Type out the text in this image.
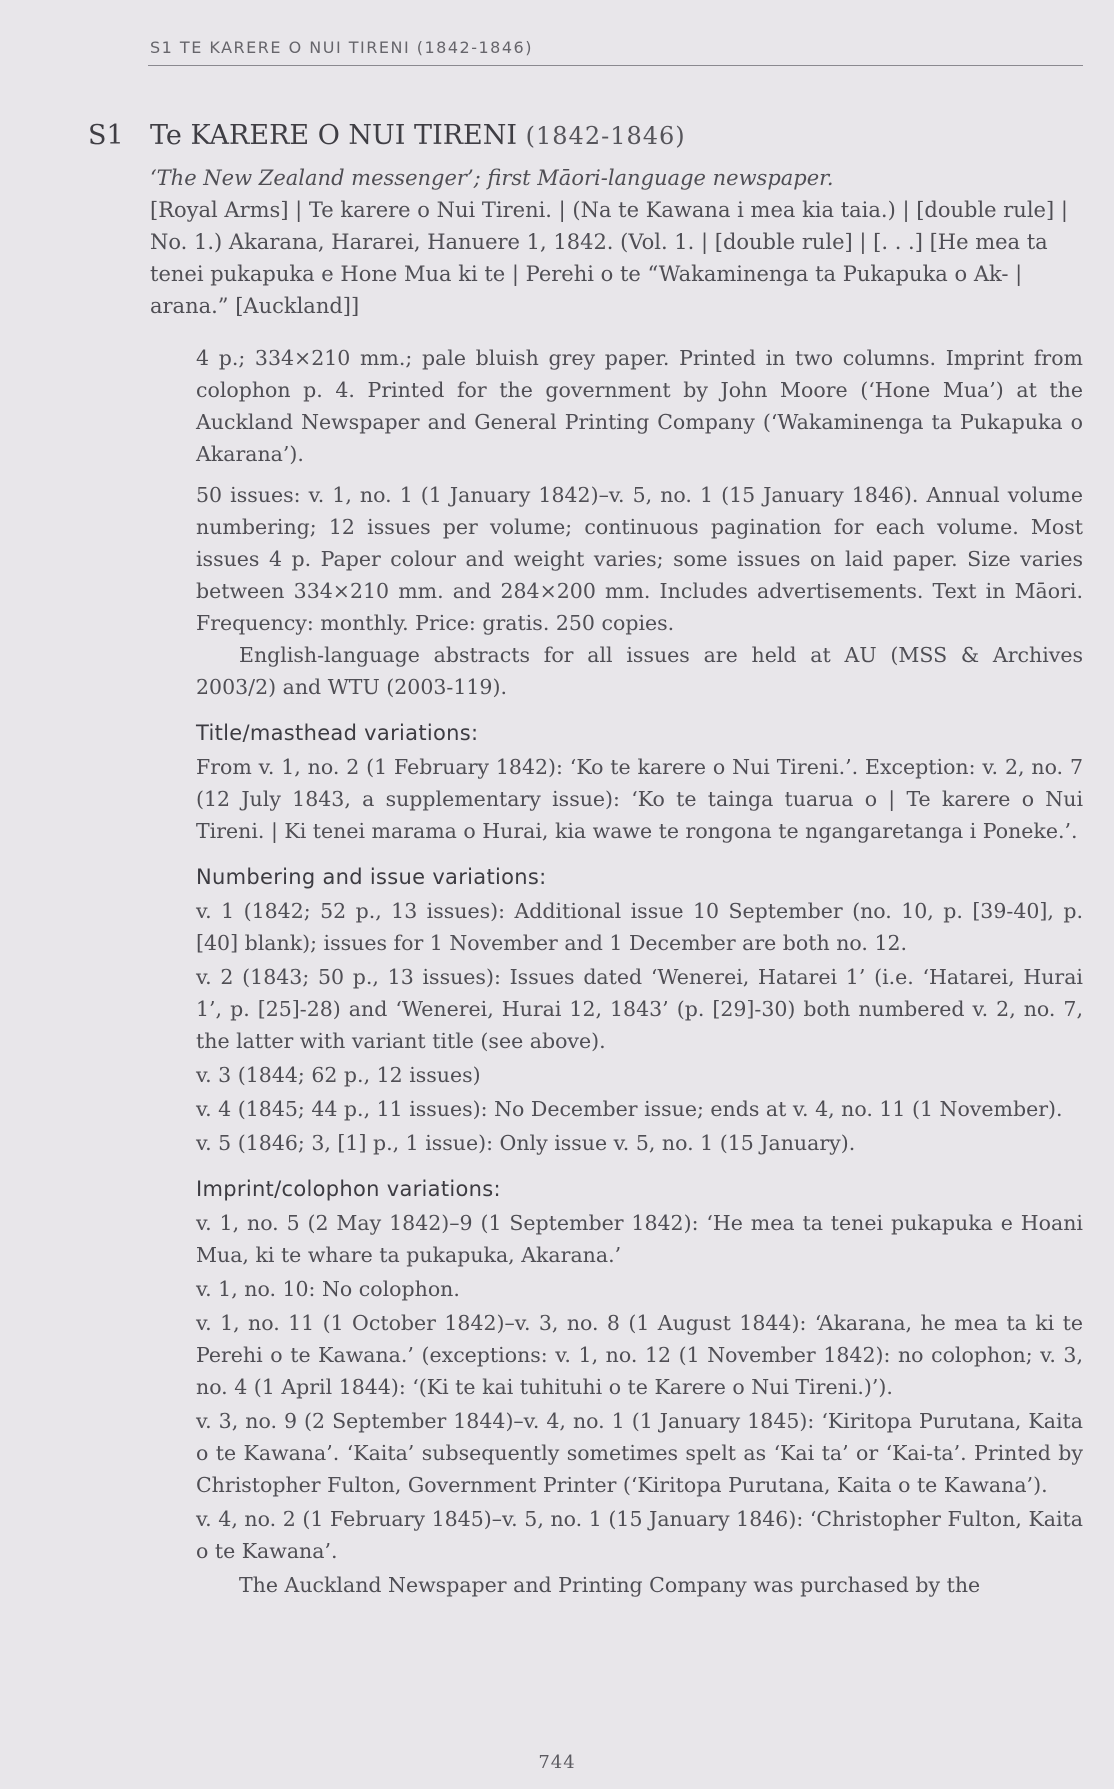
S1 TE KARERE O NUI TIRENI (1842-1846)
S1 Te KARERE O NUI TIRENI (1842-1846)

‘The New Zealand messenger’; first Māori-language newspaper.

[Royal Arms] | Te karere o Nui Tireni. | (Na te Kawana i mea kia taia.) | [double rule] | No. 1.) Akarana, Hararei, Hanuere 1, 1842. (Vol. 1. | [double rule] | [. . .] [He mea ta tenei pukapuka e Hone Mua ki te | Perehi o te “Wakaminenga ta Pukapuka o Ak- | arana.” [Auckland]]

4 p.; 334×210 mm.; pale bluish grey paper. Printed in two columns. Imprint from colophon p. 4. Printed for the government by John Moore (‘Hone Mua’) at the Auckland Newspaper and General Printing Company (‘Wakaminenga ta Pukapuka o Akarana’).

50 issues: v. 1, no. 1 (1 January 1842)–v. 5, no. 1 (15 January 1846). Annual volume numbering; 12 issues per volume; continuous pagination for each volume. Most issues 4 p. Paper colour and weight varies; some issues on laid paper. Size varies between 334×210 mm. and 284×200 mm. Includes advertisements. Text in Māori. Frequency: monthly. Price: gratis. 250 copies.

English-language abstracts for all issues are held at AU (MSS & Archives 2003/2) and WTU (2003-119).

Title/masthead variations:

From v. 1, no. 2 (1 February 1842): ‘Ko te karere o Nui Tireni.’. Exception: v. 2, no. 7 (12 July 1843, a supplementary issue): ‘Ko te tainga tuarua o | Te karere o Nui Tireni. | Ki tenei marama o Hurai, kia wawe te rongona te ngangaretanga i Poneke.’.

Numbering and issue variations:

v. 1 (1842; 52 p., 13 issues): Additional issue 10 September (no. 10, p. [39-40], p. [40] blank); issues for 1 November and 1 December are both no. 12.

v. 2 (1843; 50 p., 13 issues): Issues dated ‘Wenerei, Hatarei 1’ (i.e. ‘Hatarei, Hurai 1’, p. [25]-28) and ‘Wenerei, Hurai 12, 1843’ (p. [29]-30) both numbered v. 2, no. 7, the latter with variant title (see above).

v. 3 (1844; 62 p., 12 issues)

v. 4 (1845; 44 p., 11 issues): No December issue; ends at v. 4, no. 11 (1 November).

v. 5 (1846; 3, [1] p., 1 issue): Only issue v. 5, no. 1 (15 January).

Imprint/colophon variations:

v. 1, no. 5 (2 May 1842)–9 (1 September 1842): ‘He mea ta tenei pukapuka e Hoani Mua, ki te whare ta pukapuka, Akarana.’

v. 1, no. 10: No colophon.

v. 1, no. 11 (1 October 1842)–v. 3, no. 8 (1 August 1844): ‘Akarana, he mea ta ki te Perehi o te Kawana.’ (exceptions: v. 1, no. 12 (1 November 1842): no colophon; v. 3, no. 4 (1 April 1844): ‘(Ki te kai tuhituhi o te Karere o Nui Tireni.)’).

v. 3, no. 9 (2 September 1844)–v. 4, no. 1 (1 January 1845): ‘Kiritopa Purutana, Kaita o te Kawana’. ‘Kaita’ subsequently sometimes spelt as ‘Kai ta’ or ‘Kai-ta’. Printed by Christopher Fulton, Government Printer (‘Kiritopa Purutana, Kaita o te Kawana’).

v. 4, no. 2 (1 February 1845)–v. 5, no. 1 (15 January 1846): ‘Christopher Fulton, Kaita o te Kawana’.

The Auckland Newspaper and Printing Company was purchased by the

744
